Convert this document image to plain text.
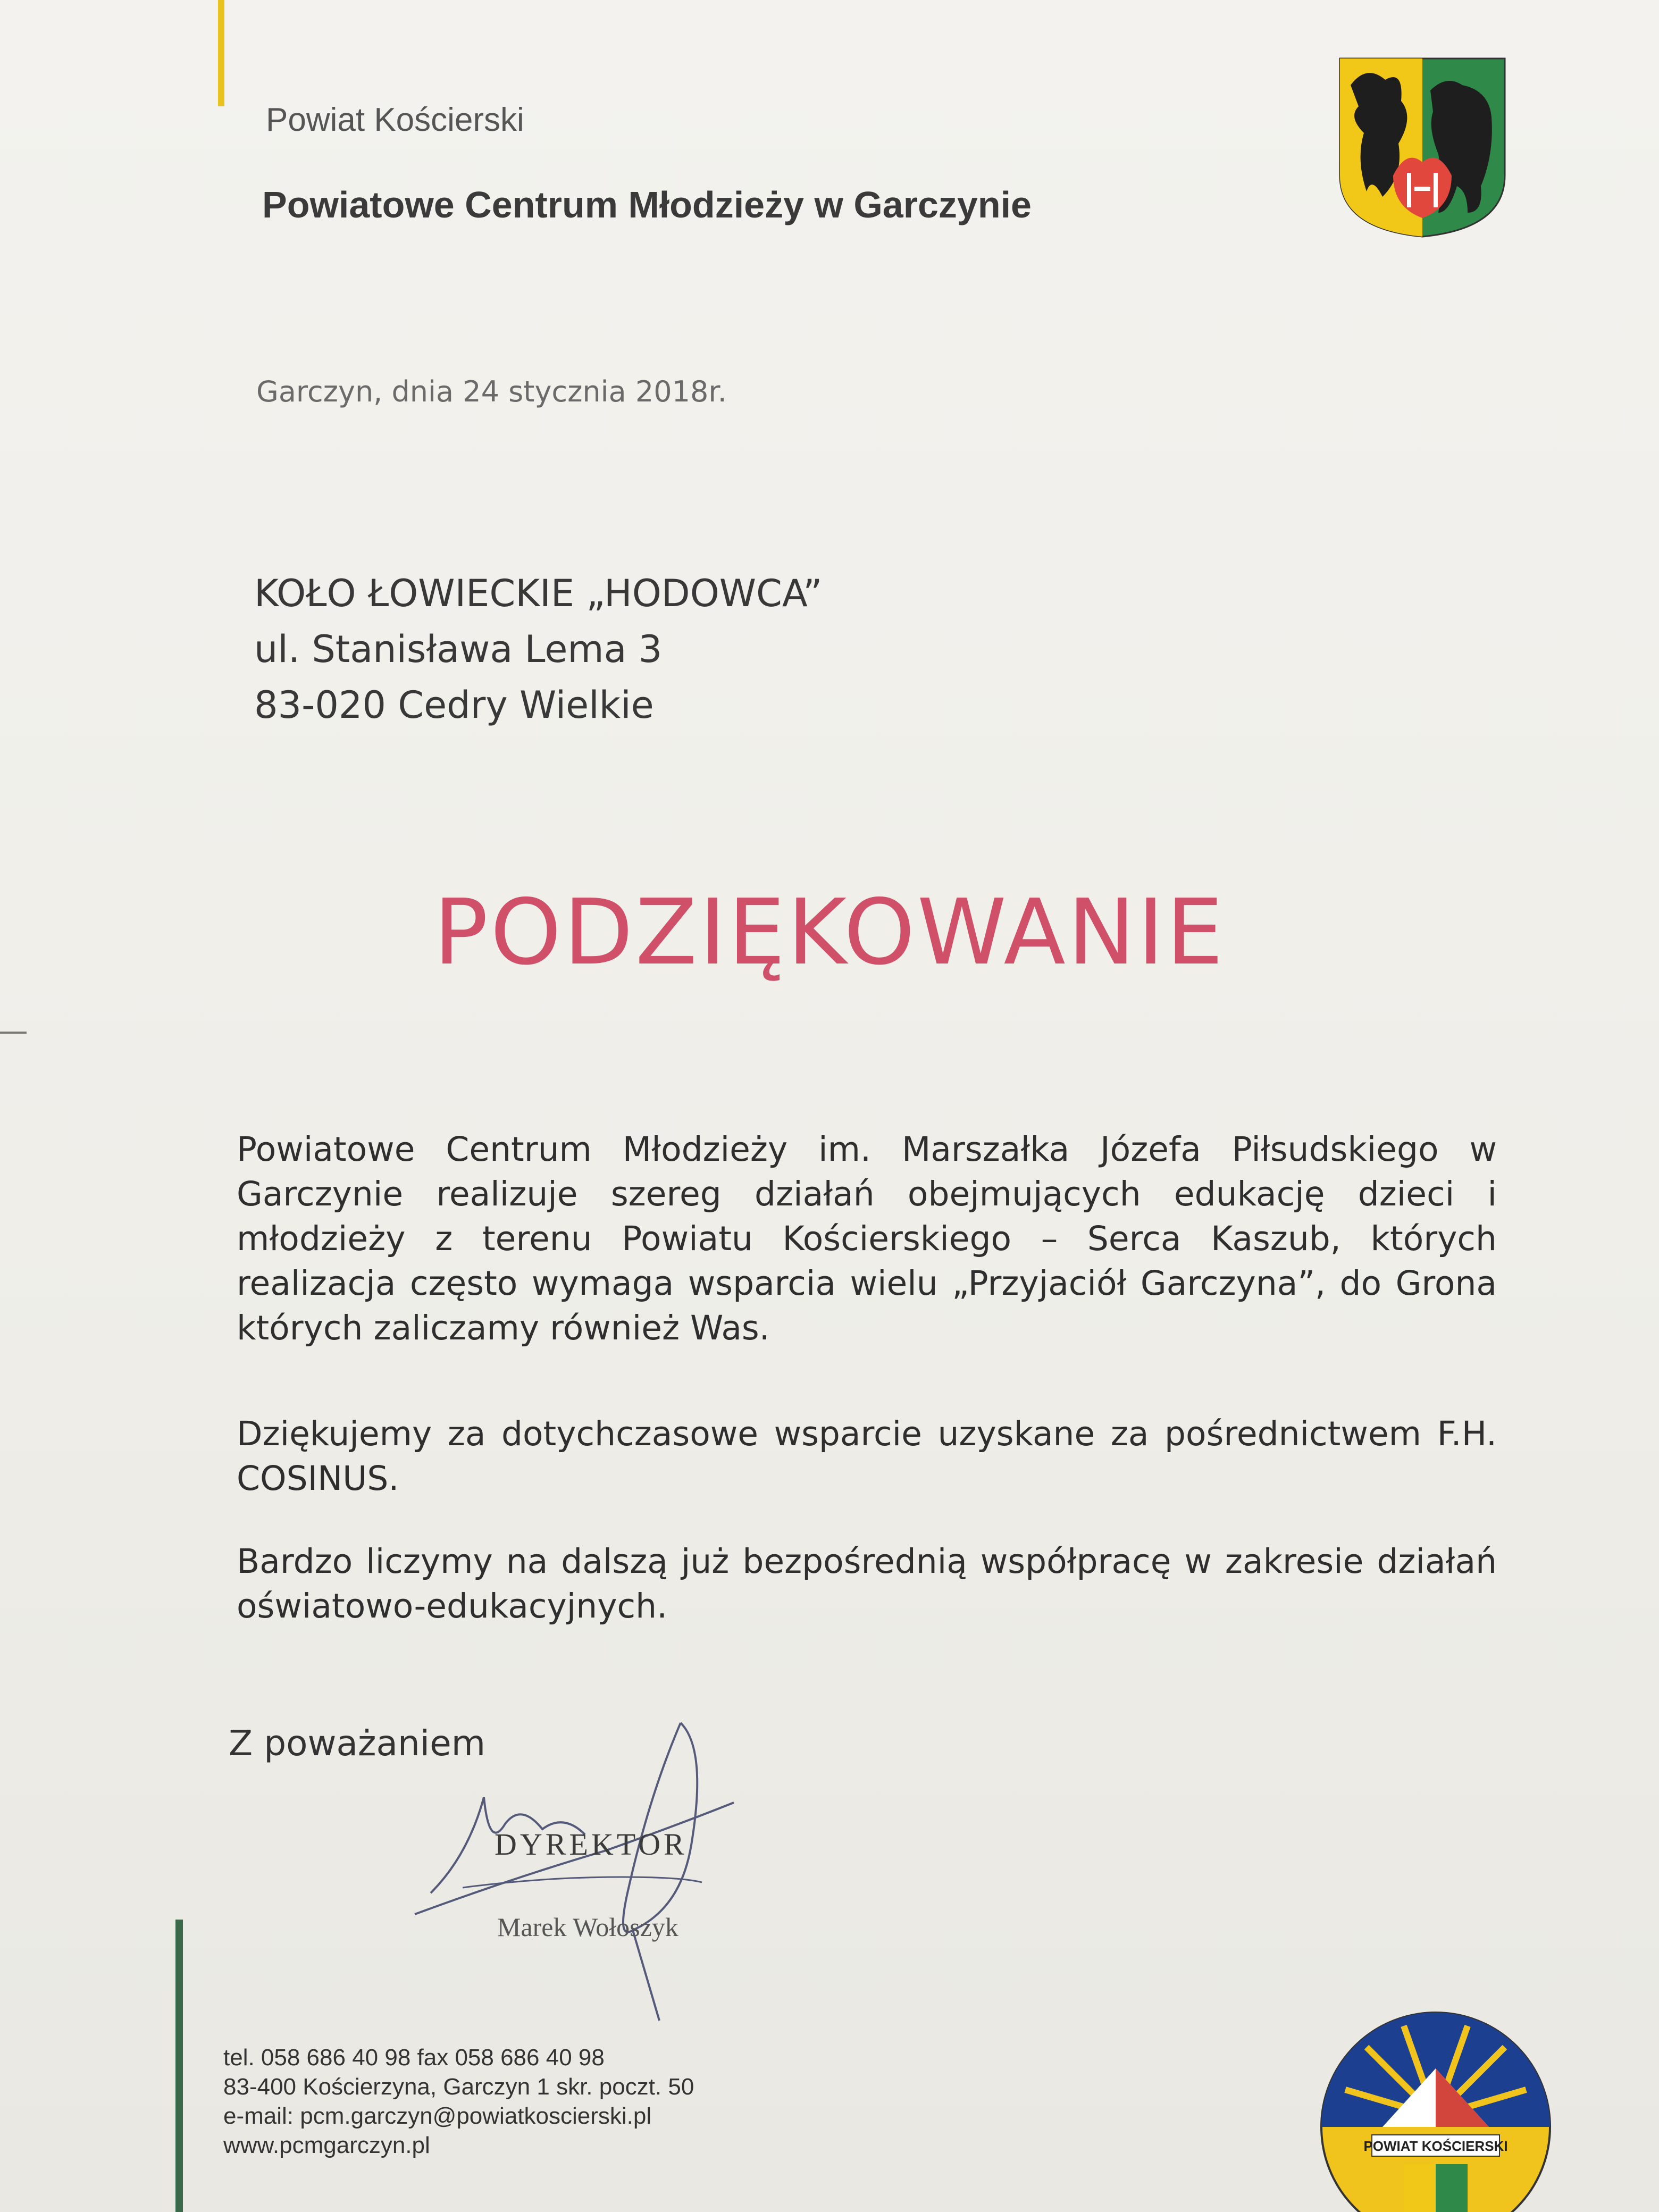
Powiat Kościerski
Powiatowe Centrum Młodzieży w Garczynie
Garczyn, dnia 24 stycznia 2018r.
KOŁO ŁOWIECKIE „HODOWCA”
ul. Stanisława Lema 3
83-020 Cedry Wielkie
PODZIĘKOWANIE
Powiatowe Centrum Młodzieży im. Marszałka Józefa Piłsudskiego w Garczynie realizuje szereg działań obejmujących edukację dzieci i młodzieży z terenu Powiatu Kościerskiego – Serca Kaszub, których realizacja często wymaga wsparcia wielu „Przyjaciół Garczyna”, do Grona których zaliczamy również Was.
Dziękujemy za dotychczasowe wsparcie uzyskane za pośrednictwem F.H. COSINUS.
Bardzo liczymy na dalszą już bezpośrednią współpracę w zakresie działań oświatowo-edukacyjnych.
Z poważaniem
DYREKTOR
Marek Wołoszyk
tel. 058 686 40 98 fax 058 686 40 98
83-400 Kościerzyna, Garczyn 1 skr. poczt. 50
e-mail: pcm.garczyn@powiatkoscierski.pl
www.pcmgarczyn.pl	POWIAT KOŚCIERSKI
